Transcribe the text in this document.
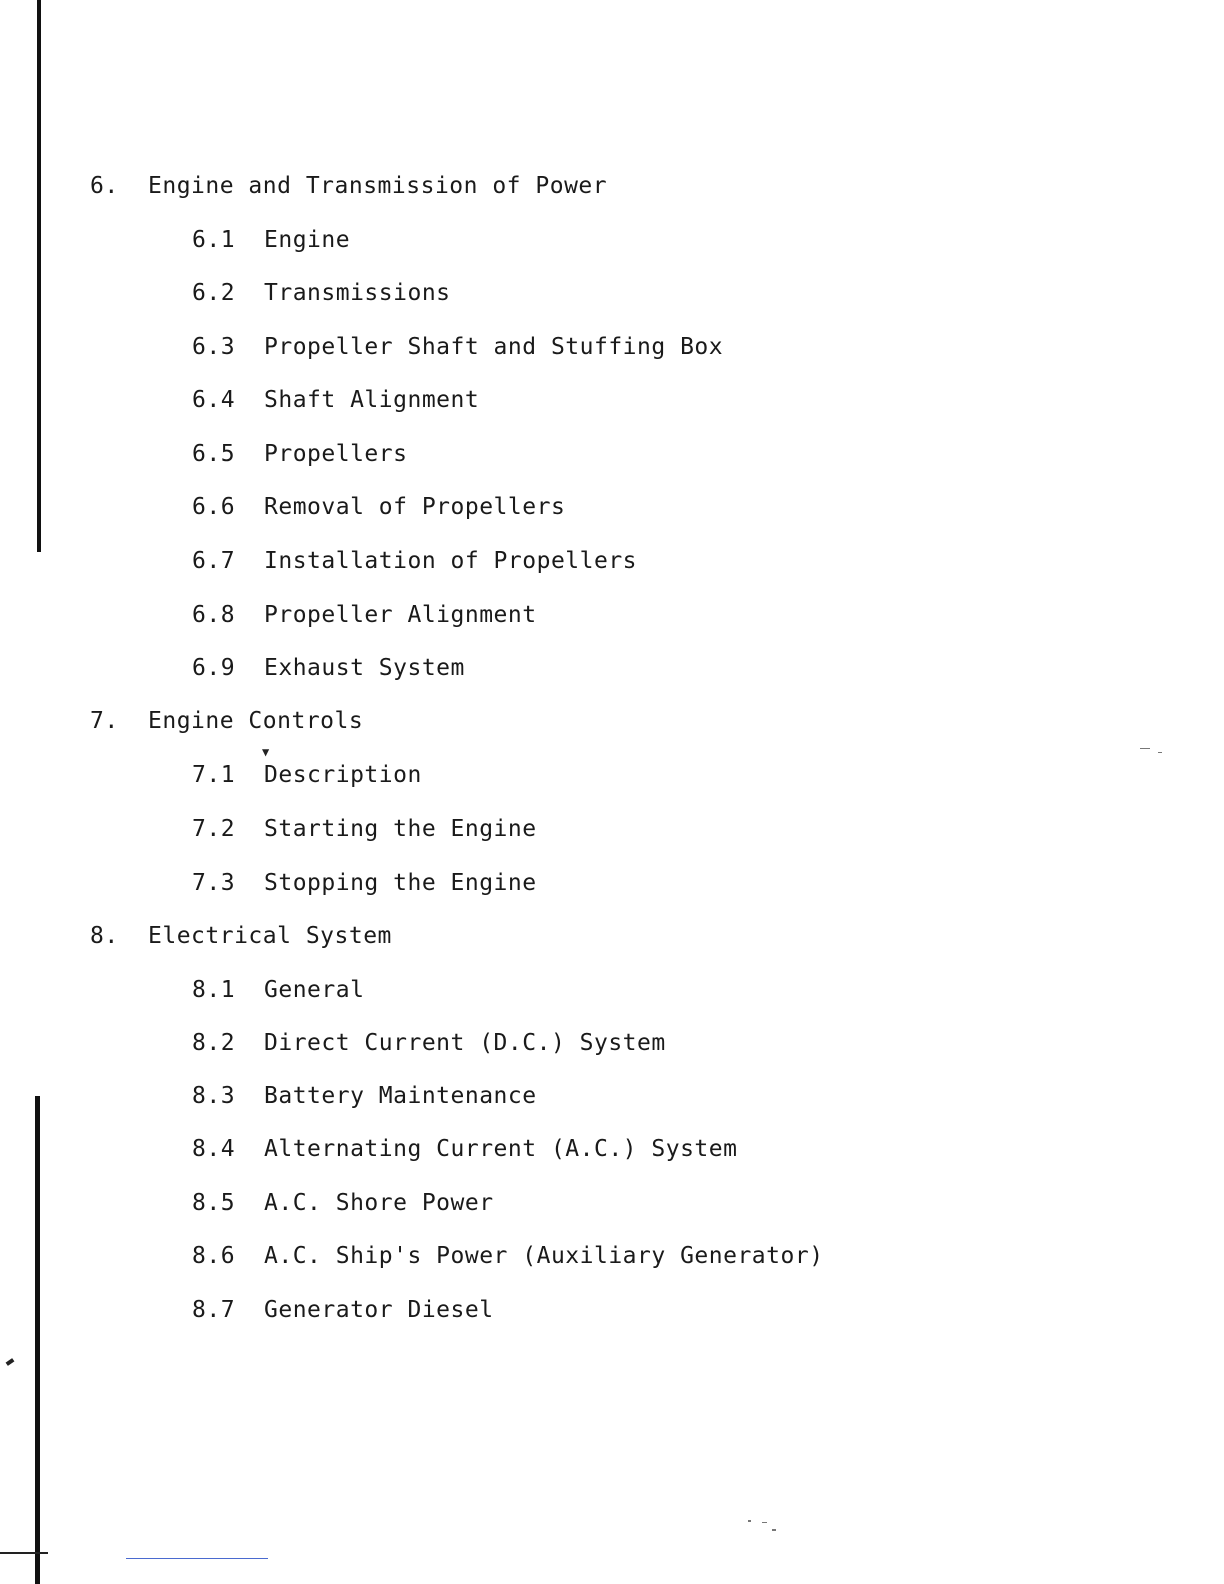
6.	Engine and Transmission of Power
6.1	Engine
6.2	Transmissions
6.3	Propeller Shaft and Stuffing Box
6.4	Shaft Alignment
6.5	Propellers
6.6	Removal of Propellers
6.7	Installation of Propellers
6.8	Propeller Alignment
6.9	Exhaust System
7.	Engine Controls
▼
7.1	Description
7.2	Starting the Engine
7.3	Stopping the Engine
8.	Electrical System
8.1	General
8.2	Direct Current (D.C.) System
8.3	Battery Maintenance
8.4	Alternating Current (A.C.) System
8.5	A.C. Shore Power
8.6	A.C. Ship's Power (Auxiliary Generator)
8.7	Generator Diesel
